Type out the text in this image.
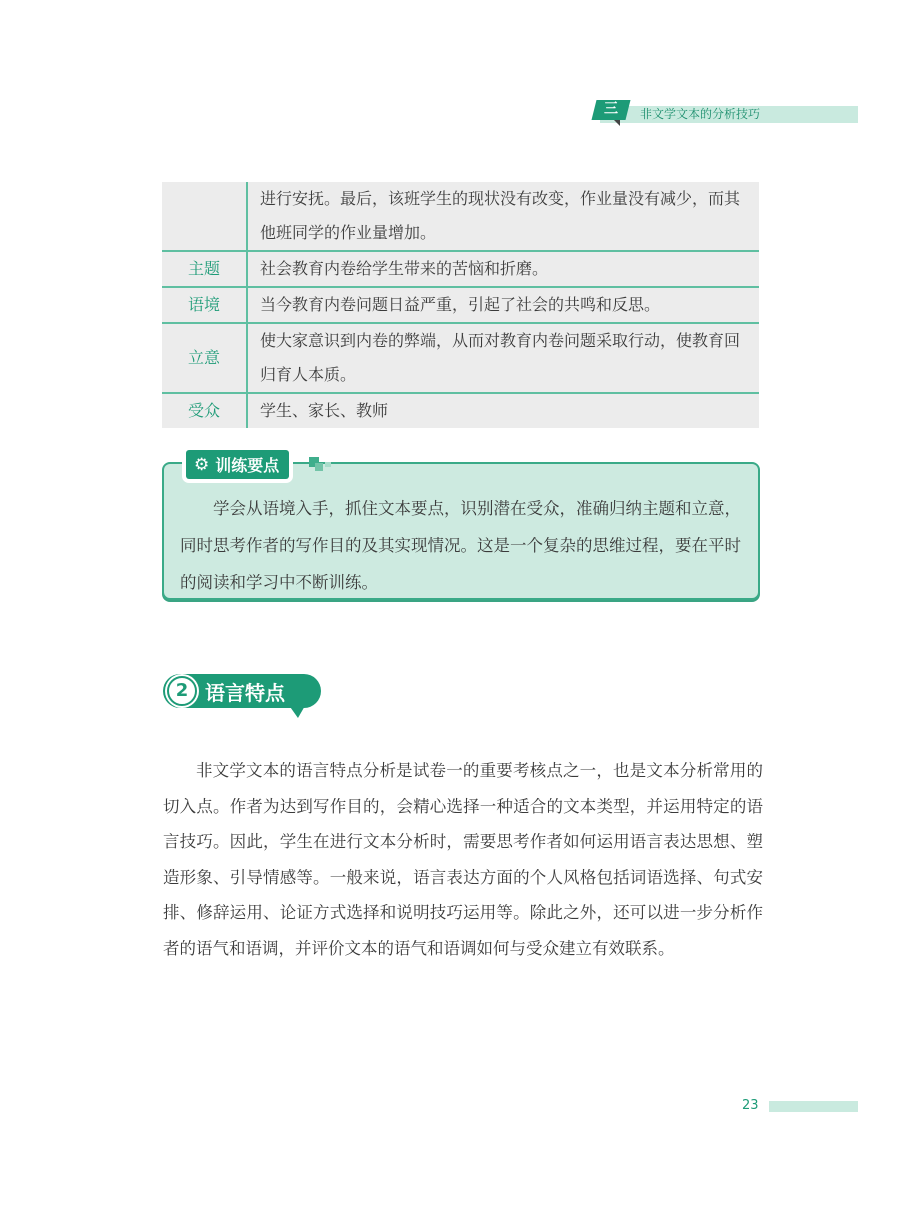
三	非文学文本的分析技巧
	进行安抚。最后，该班学生的现状没有改变，作业量没有减少，而其他班同学的作业量增加。
主题	社会教育内卷给学生带来的苦恼和折磨。
语境	当今教育内卷问题日益严重，引起了社会的共鸣和反思。
立意	使大家意识到内卷的弊端，从而对教育内卷问题采取行动，使教育回归育人本质。
受众	学生、家长、教师
⚙ 训练要点

学会从语境入手，抓住文本要点，识别潜在受众，准确归纳主题和立意，同时思考作者的写作目的及其实现情况。这是一个复杂的思维过程，要在平时的阅读和学习中不断训练。

2 语言特点

非文学文本的语言特点分析是试卷一的重要考核点之一，也是文本分析常用的切入点。作者为达到写作目的，会精心选择一种适合的文本类型，并运用特定的语言技巧。因此，学生在进行文本分析时，需要思考作者如何运用语言表达思想、塑造形象、引导情感等。一般来说，语言表达方面的个人风格包括词语选择、句式安排、修辞运用、论证方式选择和说明技巧运用等。除此之外，还可以进一步分析作者的语气和语调，并评价文本的语气和语调如何与受众建立有效联系。

23
